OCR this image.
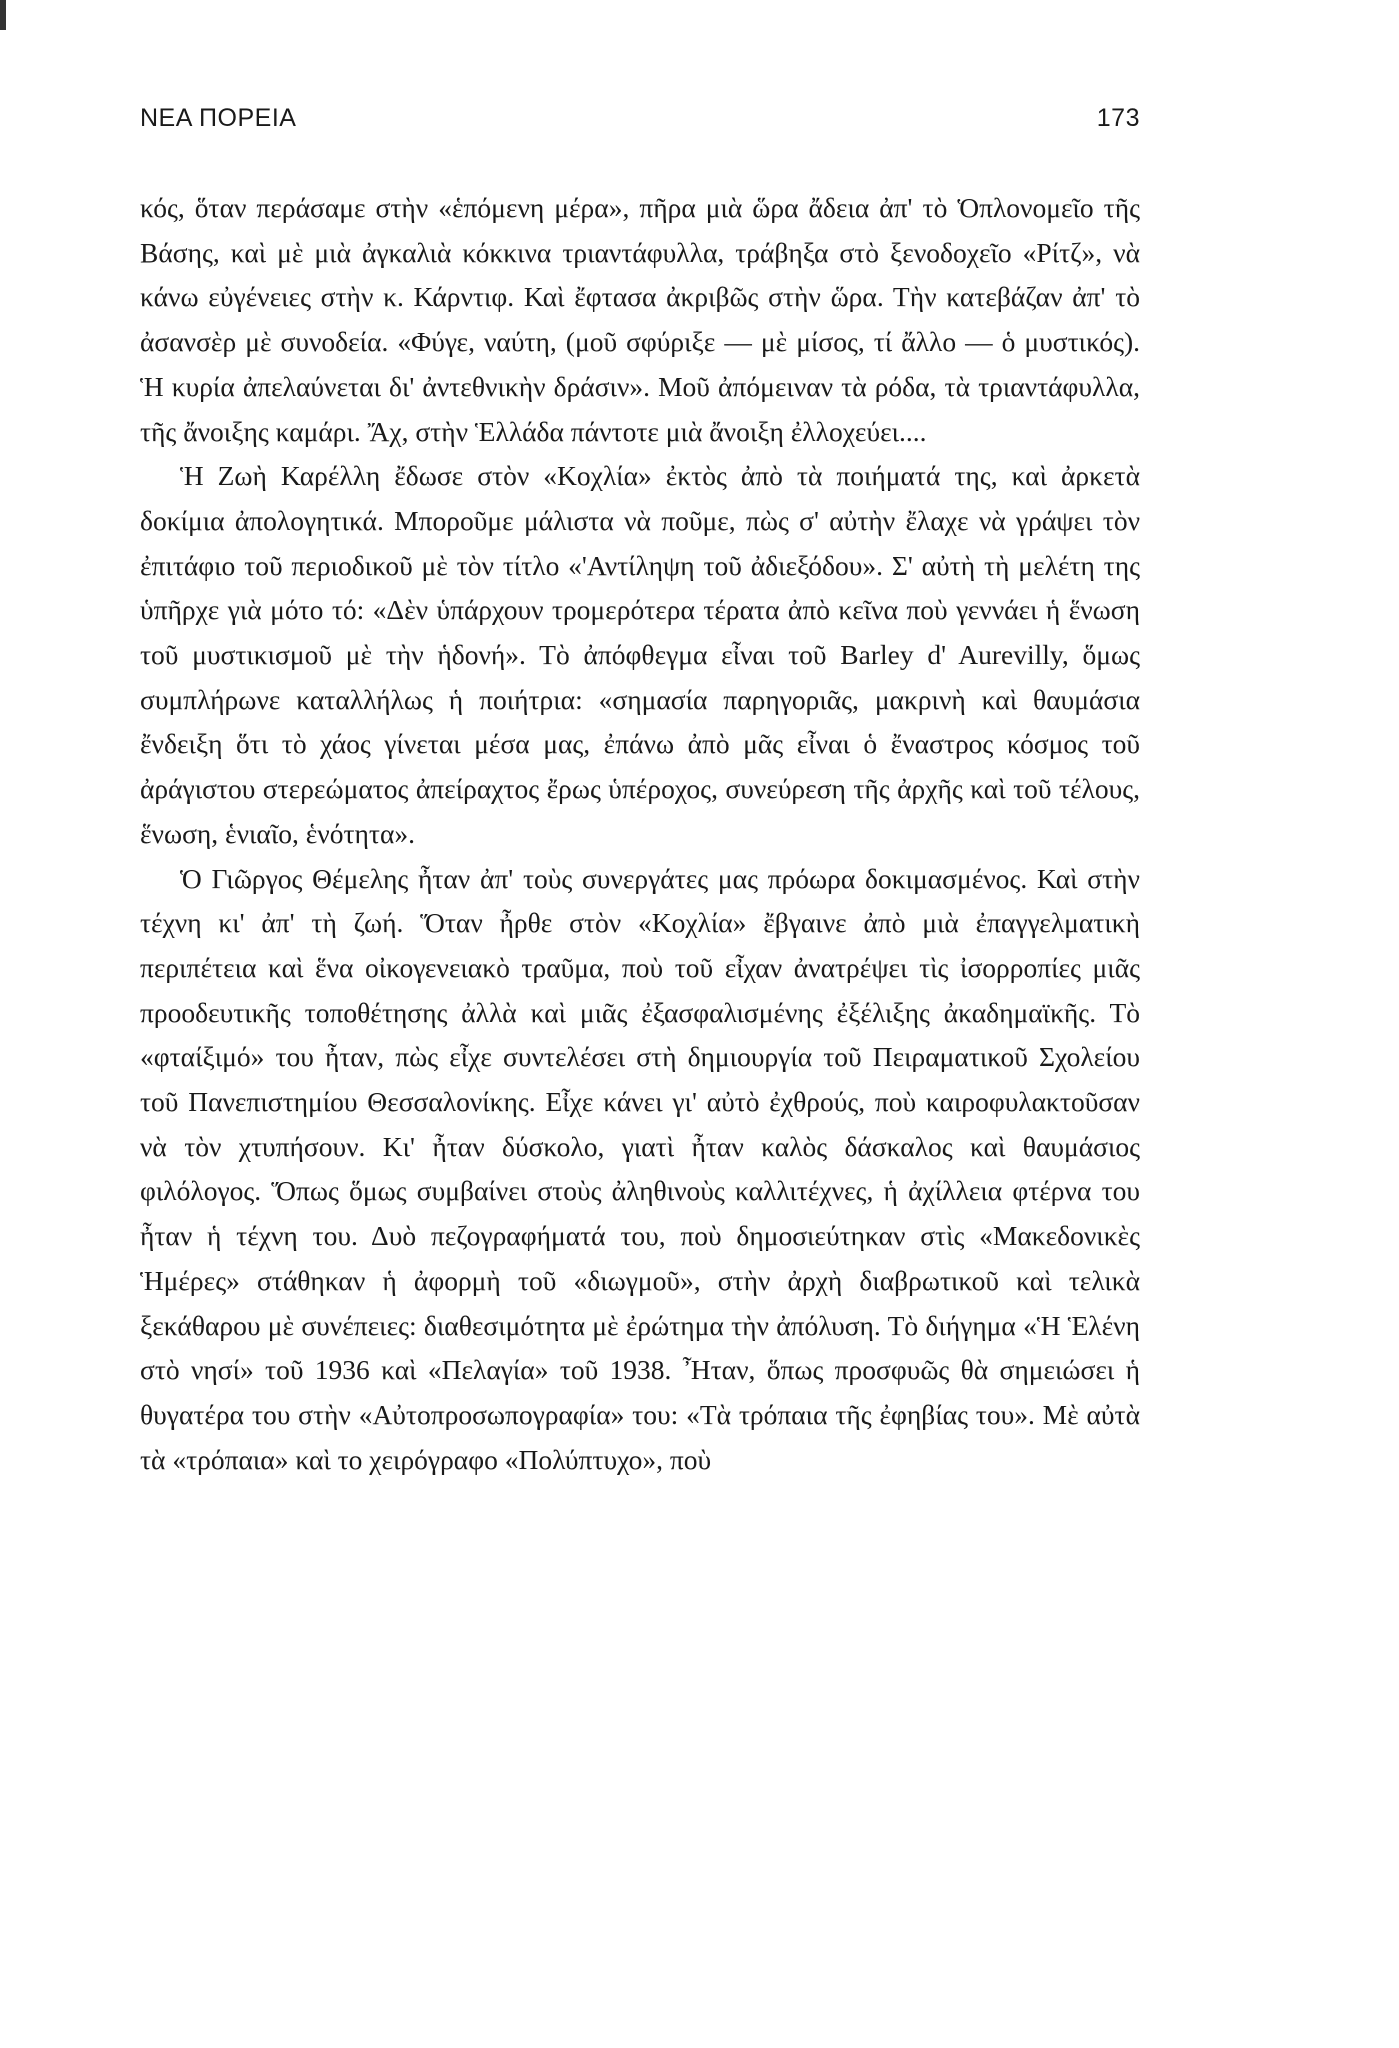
ΝΕΑ ΠΟΡΕΙΑ	173

κός, ὅταν περάσαμε στὴν «ἑπόμενη μέρα», πῆρα μιὰ ὥρα ἄδεια ἀπ' τὸ Ὁπλονομεῖο τῆς Βάσης, καὶ μὲ μιὰ ἀγκαλιὰ κόκκινα τριαντάφυλλα, τράβηξα στὸ ξενοδοχεῖο «Ρίτζ», νὰ κάνω εὐγένειες στὴν κ. Κάρντιφ. Καὶ ἔφτασα ἀκριβῶς στὴν ὥρα. Τὴν κατεβάζαν ἀπ' τὸ ἀσανσὲρ μὲ συνοδεία. «Φύγε, ναύτη, (μοῦ σφύριξε — μὲ μίσος, τί ἄλλο — ὁ μυστικός). Ἡ κυρία ἀπελαύνεται δι' ἀντεθνικὴν δράσιν». Μοῦ ἀπόμειναν τὰ ρόδα, τὰ τριαντάφυλλα, τῆς ἄνοιξης καμάρι. Ἄχ, στὴν Ἑλλάδα πάντοτε μιὰ ἄνοιξη ἐλλοχεύει....

Ἡ Ζωὴ Καρέλλη ἔδωσε στὸν «Κοχλία» ἐκτὸς ἀπὸ τὰ ποιήματά της, καὶ ἀρκετὰ δοκίμια ἀπολογητικά. Μποροῦμε μάλιστα νὰ ποῦμε, πὼς σ' αὐτὴν ἔλαχε νὰ γράψει τὸν ἐπιτάφιο τοῦ περιοδικοῦ μὲ τὸν τίτλο «'Αντίληψη τοῦ ἀδιεξόδου». Σ' αὐτὴ τὴ μελέτη της ὑπῆρχε γιὰ μότο τό: «Δὲν ὑπάρχουν τρομερότερα τέρατα ἀπὸ κεῖνα ποὺ γεννάει ἡ ἕνωση τοῦ μυστικισμοῦ μὲ τὴν ἡδονή». Τὸ ἀπόφθεγμα εἶναι τοῦ Barley d' Aurevilly, ὅμως συμπλήρωνε καταλλήλως ἡ ποιήτρια: «σημασία παρηγοριᾶς, μακρινὴ καὶ θαυμάσια ἔνδειξη ὅτι τὸ χάος γίνεται μέσα μας, ἐπάνω ἀπὸ μᾶς εἶναι ὁ ἔναστρος κόσμος τοῦ ἀράγιστου στερεώματος ἀπείραχτος ἔρως ὑπέροχος, συνεύρεση τῆς ἀρχῆς καὶ τοῦ τέλους, ἕνωση, ἑνιαῖο, ἑνότητα».

Ὁ Γιῶργος Θέμελης ἦταν ἀπ' τοὺς συνεργάτες μας πρόωρα δοκιμασμένος. Καὶ στὴν τέχνη κι' ἀπ' τὴ ζωή. Ὅταν ἦρθε στὸν «Κοχλία» ἔβγαινε ἀπὸ μιὰ ἐπαγγελματικὴ περιπέτεια καὶ ἕνα οἰκογενειακὸ τραῦμα, ποὺ τοῦ εἶχαν ἀνατρέψει τὶς ἰσορροπίες μιᾶς προοδευτικῆς τοποθέτησης ἀλλὰ καὶ μιᾶς ἐξασφαλισμένης ἐξέλιξης ἀκαδημαϊκῆς. Τὸ «φταίξιμό» του ἦταν, πὼς εἶχε συντελέσει στὴ δημιουργία τοῦ Πειραματικοῦ Σχολείου τοῦ Πανεπιστημίου Θεσσαλονίκης. Εἶχε κάνει γι' αὐτὸ ἐχθρούς, ποὺ καιροφυλακτοῦσαν νὰ τὸν χτυπήσουν. Κι' ἦταν δύσκολο, γιατὶ ἦταν καλὸς δάσκαλος καὶ θαυμάσιος φιλόλογος. Ὅπως ὅμως συμβαίνει στοὺς ἀληθινοὺς καλλιτέχνες, ἡ ἀχίλλεια φτέρνα του ἦταν ἡ τέχνη του. Δυὸ πεζογραφήματά του, ποὺ δημοσιεύτηκαν στὶς «Μακεδονικὲς Ἡμέρες» στάθηκαν ἡ ἀφορμὴ τοῦ «διωγμοῦ», στὴν ἀρχὴ διαβρωτικοῦ καὶ τελικὰ ξεκάθαρου μὲ συνέπειες: διαθεσιμότητα μὲ ἐρώτημα τὴν ἀπόλυση. Τὸ διήγημα «Ἡ Ἑλένη στὸ νησί» τοῦ 1936 καὶ «Πελαγία» τοῦ 1938. Ἦταν, ὅπως προσφυῶς θὰ σημειώσει ἡ θυγατέρα του στὴν «Αὐτοπροσωπογραφία» του: «Τὰ τρόπαια τῆς ἐφηβίας του». Μὲ αὐτὰ τὰ «τρόπαια» καὶ το χειρόγραφο «Πολύπτυχο», ποὺ
